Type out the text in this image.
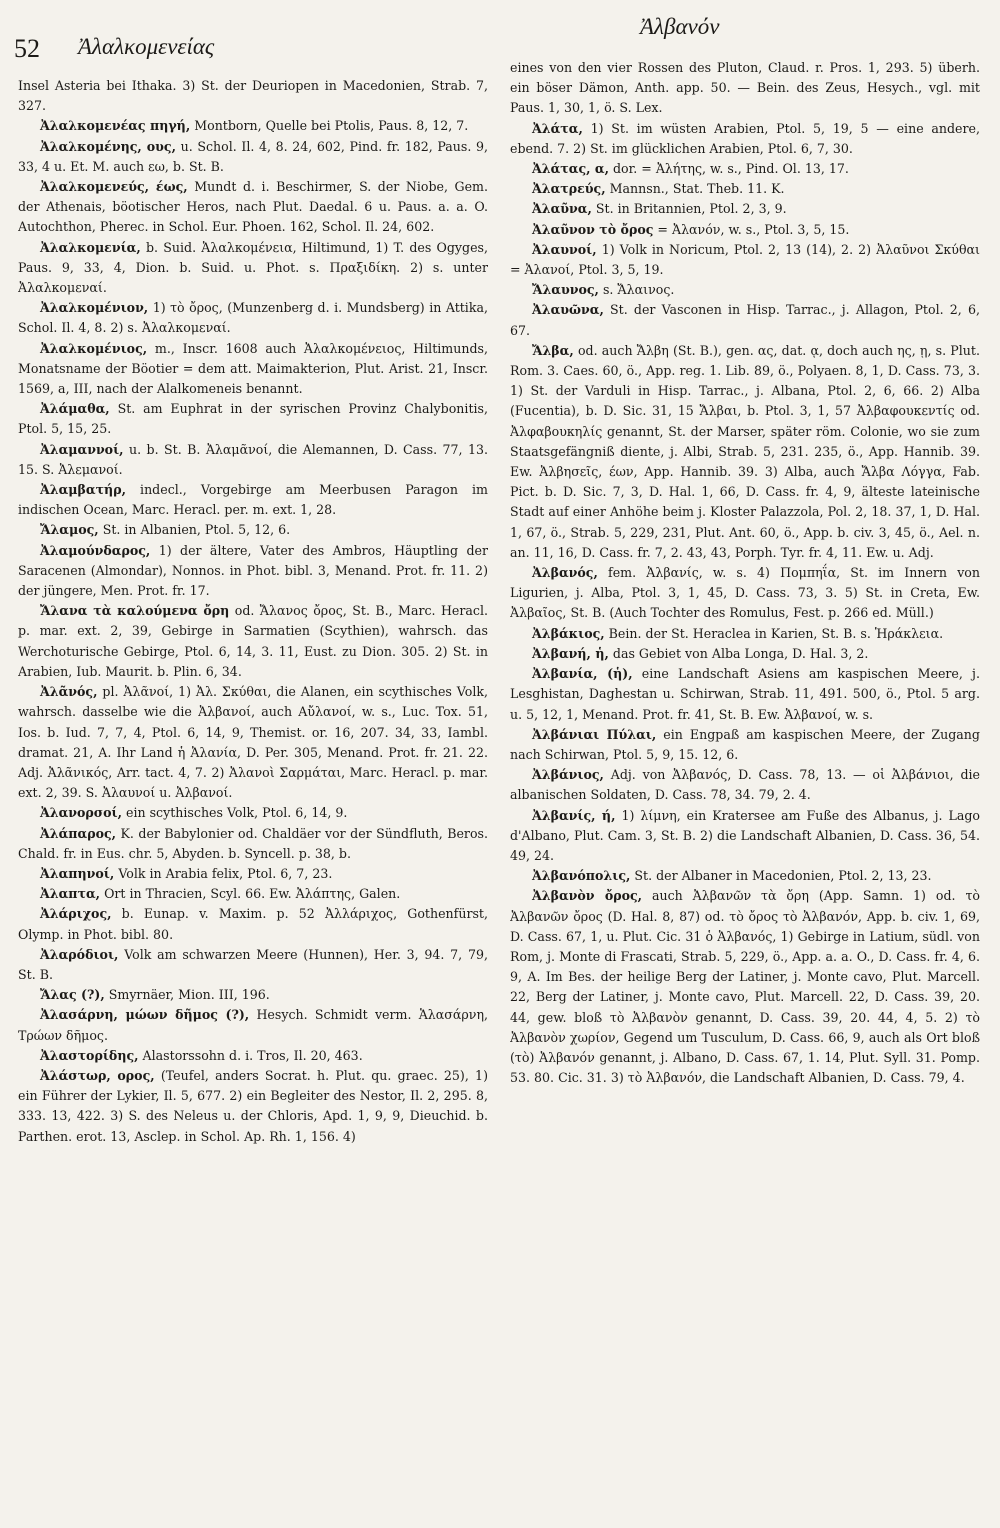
52 Ἀλαλκομενείας
Ἀλβανόν

Insel Asteria bei Ithaka. 3) St. der Deuriopen in Macedonien, Strab. 7, 327.

Ἀλαλκομενέας πηγή, Montborn, Quelle bei Ptolis, Paus. 8, 12, 7.

Ἀλαλκομένης, ους, u. Schol. Il. 4, 8. 24, 602, Pind. fr. 182, Paus. 9, 33, 4 u. Et. M. auch εω, b. St. B.

Ἀλαλκομενεύς, έως, Mundt d. i. Beschirmer, S. der Niobe, Gem. der Athenais, böotischer Heros, nach Plut. Daedal. 6 u. Paus. a. a. O. Autochthon, Pherec. in Schol. Eur. Phoen. 162, Schol. Il. 24, 602.

Ἀλαλκομενία, b. Suid. Ἀλαλκομένεια, Hiltimund, 1) T. des Ogyges, Paus. 9, 33, 4, Dion. b. Suid. u. Phot. s. Πραξιδίκη. 2) s. unter Ἀλαλκομεναί.

Ἀλαλκομένιον, 1) τὸ ὄρος, (Munzenberg d. i. Mundsberg) in Attika, Schol. Il. 4, 8. 2) s. Ἀλαλκομεναί.

Ἀλαλκομένιος, m., Inscr. 1608 auch Ἀλαλκομένειος, Hiltimunds, Monatsname der Böotier = dem att. Maimakterion, Plut. Arist. 21, Inscr. 1569, a, III, nach der Alalkomeneis benannt.

Ἀλάμαθα, St. am Euphrat in der syrischen Provinz Chalybonitis, Ptol. 5, 15, 25.

Ἀλαμαννοί, u. b. St. B. Ἀλαμᾶνοί, die Alemannen, D. Cass. 77, 13. 15. S. Ἀλεμανοί.

Ἀλαμβατήρ, indecl., Vorgebirge am Meerbusen Paragon im indischen Ocean, Marc. Heracl. per. m. ext. 1, 28.

Ἄλαμος, St. in Albanien, Ptol. 5, 12, 6.

Ἀλαμούνδαρος, 1) der ältere, Vater des Ambros, Häuptling der Saracenen (Almondar), Nonnos. in Phot. bibl. 3, Menand. Prot. fr. 11. 2) der jüngere, Men. Prot. fr. 17.

Ἄλανα τὰ καλούμενα ὄρη od. Ἄλανος ὄρος, St. B., Marc. Heracl. p. mar. ext. 2, 39, Gebirge in Sarmatien (Scythien), wahrsch. das Werchoturische Gebirge, Ptol. 6, 14, 3. 11, Eust. zu Dion. 305. 2) St. in Arabien, Iub. Maurit. b. Plin. 6, 34.

Ἀλᾶνός, pl. Ἀλᾶνοί, 1) Ἀλ. Σκύθαι, die Alanen, ein scythisches Volk, wahrsch. dasselbe wie die Ἀλβανοί, auch Αὔλανοί, w. s., Luc. Tox. 51, Ios. b. Iud. 7, 7, 4, Ptol. 6, 14, 9, Themist. or. 16, 207. 34, 33, Iambl. dramat. 21, A. Ihr Land ἡ Ἀλανία, D. Per. 305, Menand. Prot. fr. 21. 22. Adj. Ἀλᾶνικός, Arr. tact. 4, 7. 2) Ἀλανοὶ Σαρμάται, Marc. Heracl. p. mar. ext. 2, 39. S. Ἀλαυνοί u. Ἀλβανοί.

Ἀλανορσοί, ein scythisches Volk, Ptol. 6, 14, 9.

Ἀλάπαρος, K. der Babylonier od. Chaldäer vor der Sündfluth, Beros. Chald. fr. in Eus. chr. 5, Abyden. b. Syncell. p. 38, b.

Ἀλαπηνοί, Volk in Arabia felix, Ptol. 6, 7, 23.

Ἀλαπτα, Ort in Thracien, Scyl. 66. Ew. Ἀλάπτης, Galen.

Ἀλάριχος, b. Eunap. v. Maxim. p. 52 Ἀλλάριχος, Gothenfürst, Olymp. in Phot. bibl. 80.

Ἀλαρόδιοι, Volk am schwarzen Meere (Hunnen), Her. 3, 94. 7, 79, St. B.

Ἄλας (?), Smyrnäer, Mion. III, 196.

Ἀλασάρνη, μώων δῆμος (?), Hesych. Schmidt verm. Ἁλασάρνη, Τρώων δῆμος.

Ἀλαστορίδης, Alastorssohn d. i. Tros, Il. 20, 463.

Ἀλάστωρ, ορος, (Teufel, anders Socrat. h. Plut. qu. graec. 25), 1) ein Führer der Lykier, Il. 5, 677. 2) ein Begleiter des Nestor, Il. 2, 295. 8, 333. 13, 422. 3) S. des Neleus u. der Chloris, Apd. 1, 9, 9, Dieuchid. b. Parthen. erot. 13, Asclep. in Schol. Ap. Rh. 1, 156. 4)

eines von den vier Rossen des Pluton, Claud. r. Pros. 1, 293. 5) überh. ein böser Dämon, Anth. app. 50. — Bein. des Zeus, Hesych., vgl. mit Paus. 1, 30, 1, ö. S. Lex.

Ἀλάτα, 1) St. im wüsten Arabien, Ptol. 5, 19, 5 — eine andere, ebend. 7. 2) St. im glücklichen Arabien, Ptol. 6, 7, 30.

Ἀλάτας, α, dor. = Ἀλήτης, w. s., Pind. Ol. 13, 17.

Ἀλατρεύς, Mannsn., Stat. Theb. 11. K.

Ἀλαῦνα, St. in Britannien, Ptol. 2, 3, 9.

Ἀλαῦνον τὸ ὄρος = Ἀλανόν, w. s., Ptol. 3, 5, 15.

Ἀλαυνοί, 1) Volk in Noricum, Ptol. 2, 13 (14), 2. 2) Ἀλαῦνοι Σκύθαι = Ἀλανοί, Ptol. 3, 5, 19.

Ἄλαυνος, s. Ἄλαινος.

Ἀλαυῶνα, St. der Vasconen in Hisp. Tarrac., j. Allagon, Ptol. 2, 6, 67.

Ἄλβα, od. auch Ἄλβη (St. B.), gen. ας, dat. ᾳ, doch auch ης, ῃ, s. Plut. Rom. 3. Caes. 60, ö., App. reg. 1. Lib. 89, ö., Polyaen. 8, 1, D. Cass. 73, 3. 1) St. der Varduli in Hisp. Tarrac., j. Albana, Ptol. 2, 6, 66. 2) Alba (Fucentia), b. D. Sic. 31, 15 Ἄλβαι, b. Ptol. 3, 1, 57 Ἀλβαφουκεντίς od. Ἀλφαβουκηλίς genannt, St. der Marser, später röm. Colonie, wo sie zum Staatsgefängniß diente, j. Albi, Strab. 5, 231. 235, ö., App. Hannib. 39. Ew. Ἀλβησεῖς, έων, App. Hannib. 39. 3) Alba, auch Ἄλβα Λόγγα, Fab. Pict. b. D. Sic. 7, 3, D. Hal. 1, 66, D. Cass. fr. 4, 9, älteste lateinische Stadt auf einer Anhöhe beim j. Kloster Palazzola, Pol. 2, 18. 37, 1, D. Hal. 1, 67, ö., Strab. 5, 229, 231, Plut. Ant. 60, ö., App. b. civ. 3, 45, ö., Ael. n. an. 11, 16, D. Cass. fr. 7, 2. 43, 43, Porph. Tyr. fr. 4, 11. Ew. u. Adj.

Ἀλβανός, fem. Ἀλβανίς, w. s. 4) Πομπηΐα, St. im Innern von Ligurien, j. Alba, Ptol. 3, 1, 45, D. Cass. 73, 3. 5) St. in Creta, Ew. Ἀλβαῖος, St. B. (Auch Tochter des Romulus, Fest. p. 266 ed. Müll.)

Ἀλβάκιος, Bein. der St. Heraclea in Karien, St. B. s. Ἡράκλεια.

Ἀλβανή, ἡ, das Gebiet von Alba Longa, D. Hal. 3, 2.

Ἀλβανία, (ἡ), eine Landschaft Asiens am kaspischen Meere, j. Lesghistan, Daghestan u. Schirwan, Strab. 11, 491. 500, ö., Ptol. 5 arg. u. 5, 12, 1, Menand. Prot. fr. 41, St. B. Ew. Ἀλβανοί, w. s.

Ἀλβάνιαι Πύλαι, ein Engpaß am kaspischen Meere, der Zugang nach Schirwan, Ptol. 5, 9, 15. 12, 6.

Ἀλβάνιος, Adj. von Ἀλβανός, D. Cass. 78, 13. — οἱ Ἀλβάνιοι, die albanischen Soldaten, D. Cass. 78, 34. 79, 2. 4.

Ἀλβανίς, ή, 1) λίμνη, ein Kratersee am Fuße des Albanus, j. Lago d'Albano, Plut. Cam. 3, St. B. 2) die Landschaft Albanien, D. Cass. 36, 54. 49, 24.

Ἀλβανόπολις, St. der Albaner in Macedonien, Ptol. 2, 13, 23.

Ἀλβανὸν ὄρος, auch Ἀλβανῶν τὰ ὄρη (App. Samn. 1) od. τὸ Ἀλβανῶν ὄρος (D. Hal. 8, 87) od. τὸ ὄρος τὸ Ἀλβανόν, App. b. civ. 1, 69, D. Cass. 67, 1, u. Plut. Cic. 31 ὁ Ἀλβανός, 1) Gebirge in Latium, südl. von Rom, j. Monte di Frascati, Strab. 5, 229, ö., App. a. a. O., D. Cass. fr. 4, 6. 9, A. Im Bes. der heilige Berg der Latiner, j. Monte cavo, Plut. Marcell. 22, Berg der Latiner, j. Monte cavo, Plut. Marcell. 22, D. Cass. 39, 20. 44, gew. bloß τὸ Ἀλβανὸν genannt, D. Cass. 39, 20. 44, 4, 5. 2) τὸ Ἀλβανὸν χωρίον, Gegend um Tusculum, D. Cass. 66, 9, auch als Ort bloß (τὸ) Ἀλβανόν genannt, j. Albano, D. Cass. 67, 1. 14, Plut. Syll. 31. Pomp. 53. 80. Cic. 31. 3) τὸ Ἀλβανόν, die Landschaft Albanien, D. Cass. 79, 4.
